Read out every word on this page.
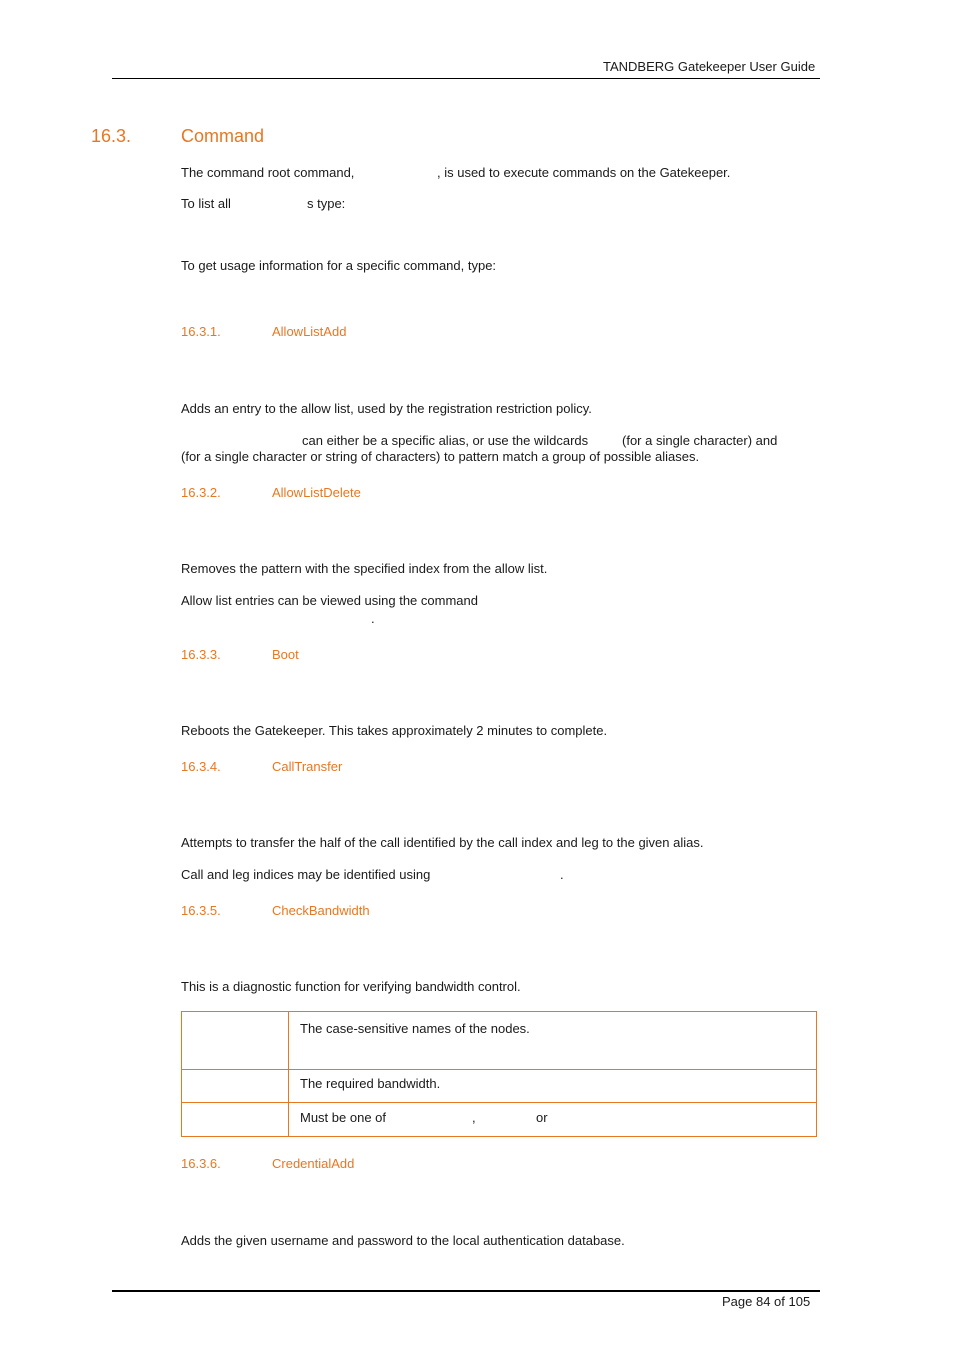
TANDBERG Gatekeeper User Guide
16.3.	Command
The command root command,	, is used to execute commands on the Gatekeeper.
To list all	s type:
To get usage information for a specific command, type:
16.3.1.	AllowListAdd
Adds an entry to the allow list, used by the registration restriction policy.
can either be a specific alias, or use the wildcards	(for a single character) and
(for a single character or string of characters) to pattern match a group of possible aliases.
16.3.2.	AllowListDelete
Removes the pattern with the specified index from the allow list.
Allow list entries can be viewed using the command
.
16.3.3.	Boot
Reboots the Gatekeeper. This takes approximately 2 minutes to complete.
16.3.4.	CallTransfer
Attempts to transfer the half of the call identified by the call index and leg to the given alias.
Call and leg indices may be identified using	.
16.3.5.	CheckBandwidth
This is a diagnostic function for verifying bandwidth control.

	The case-sensitive names of the nodes.

	The required bandwidth.

	Must be one of , or
16.3.6.	CredentialAdd
Adds the given username and password to the local authentication database.
Page 84 of 105
